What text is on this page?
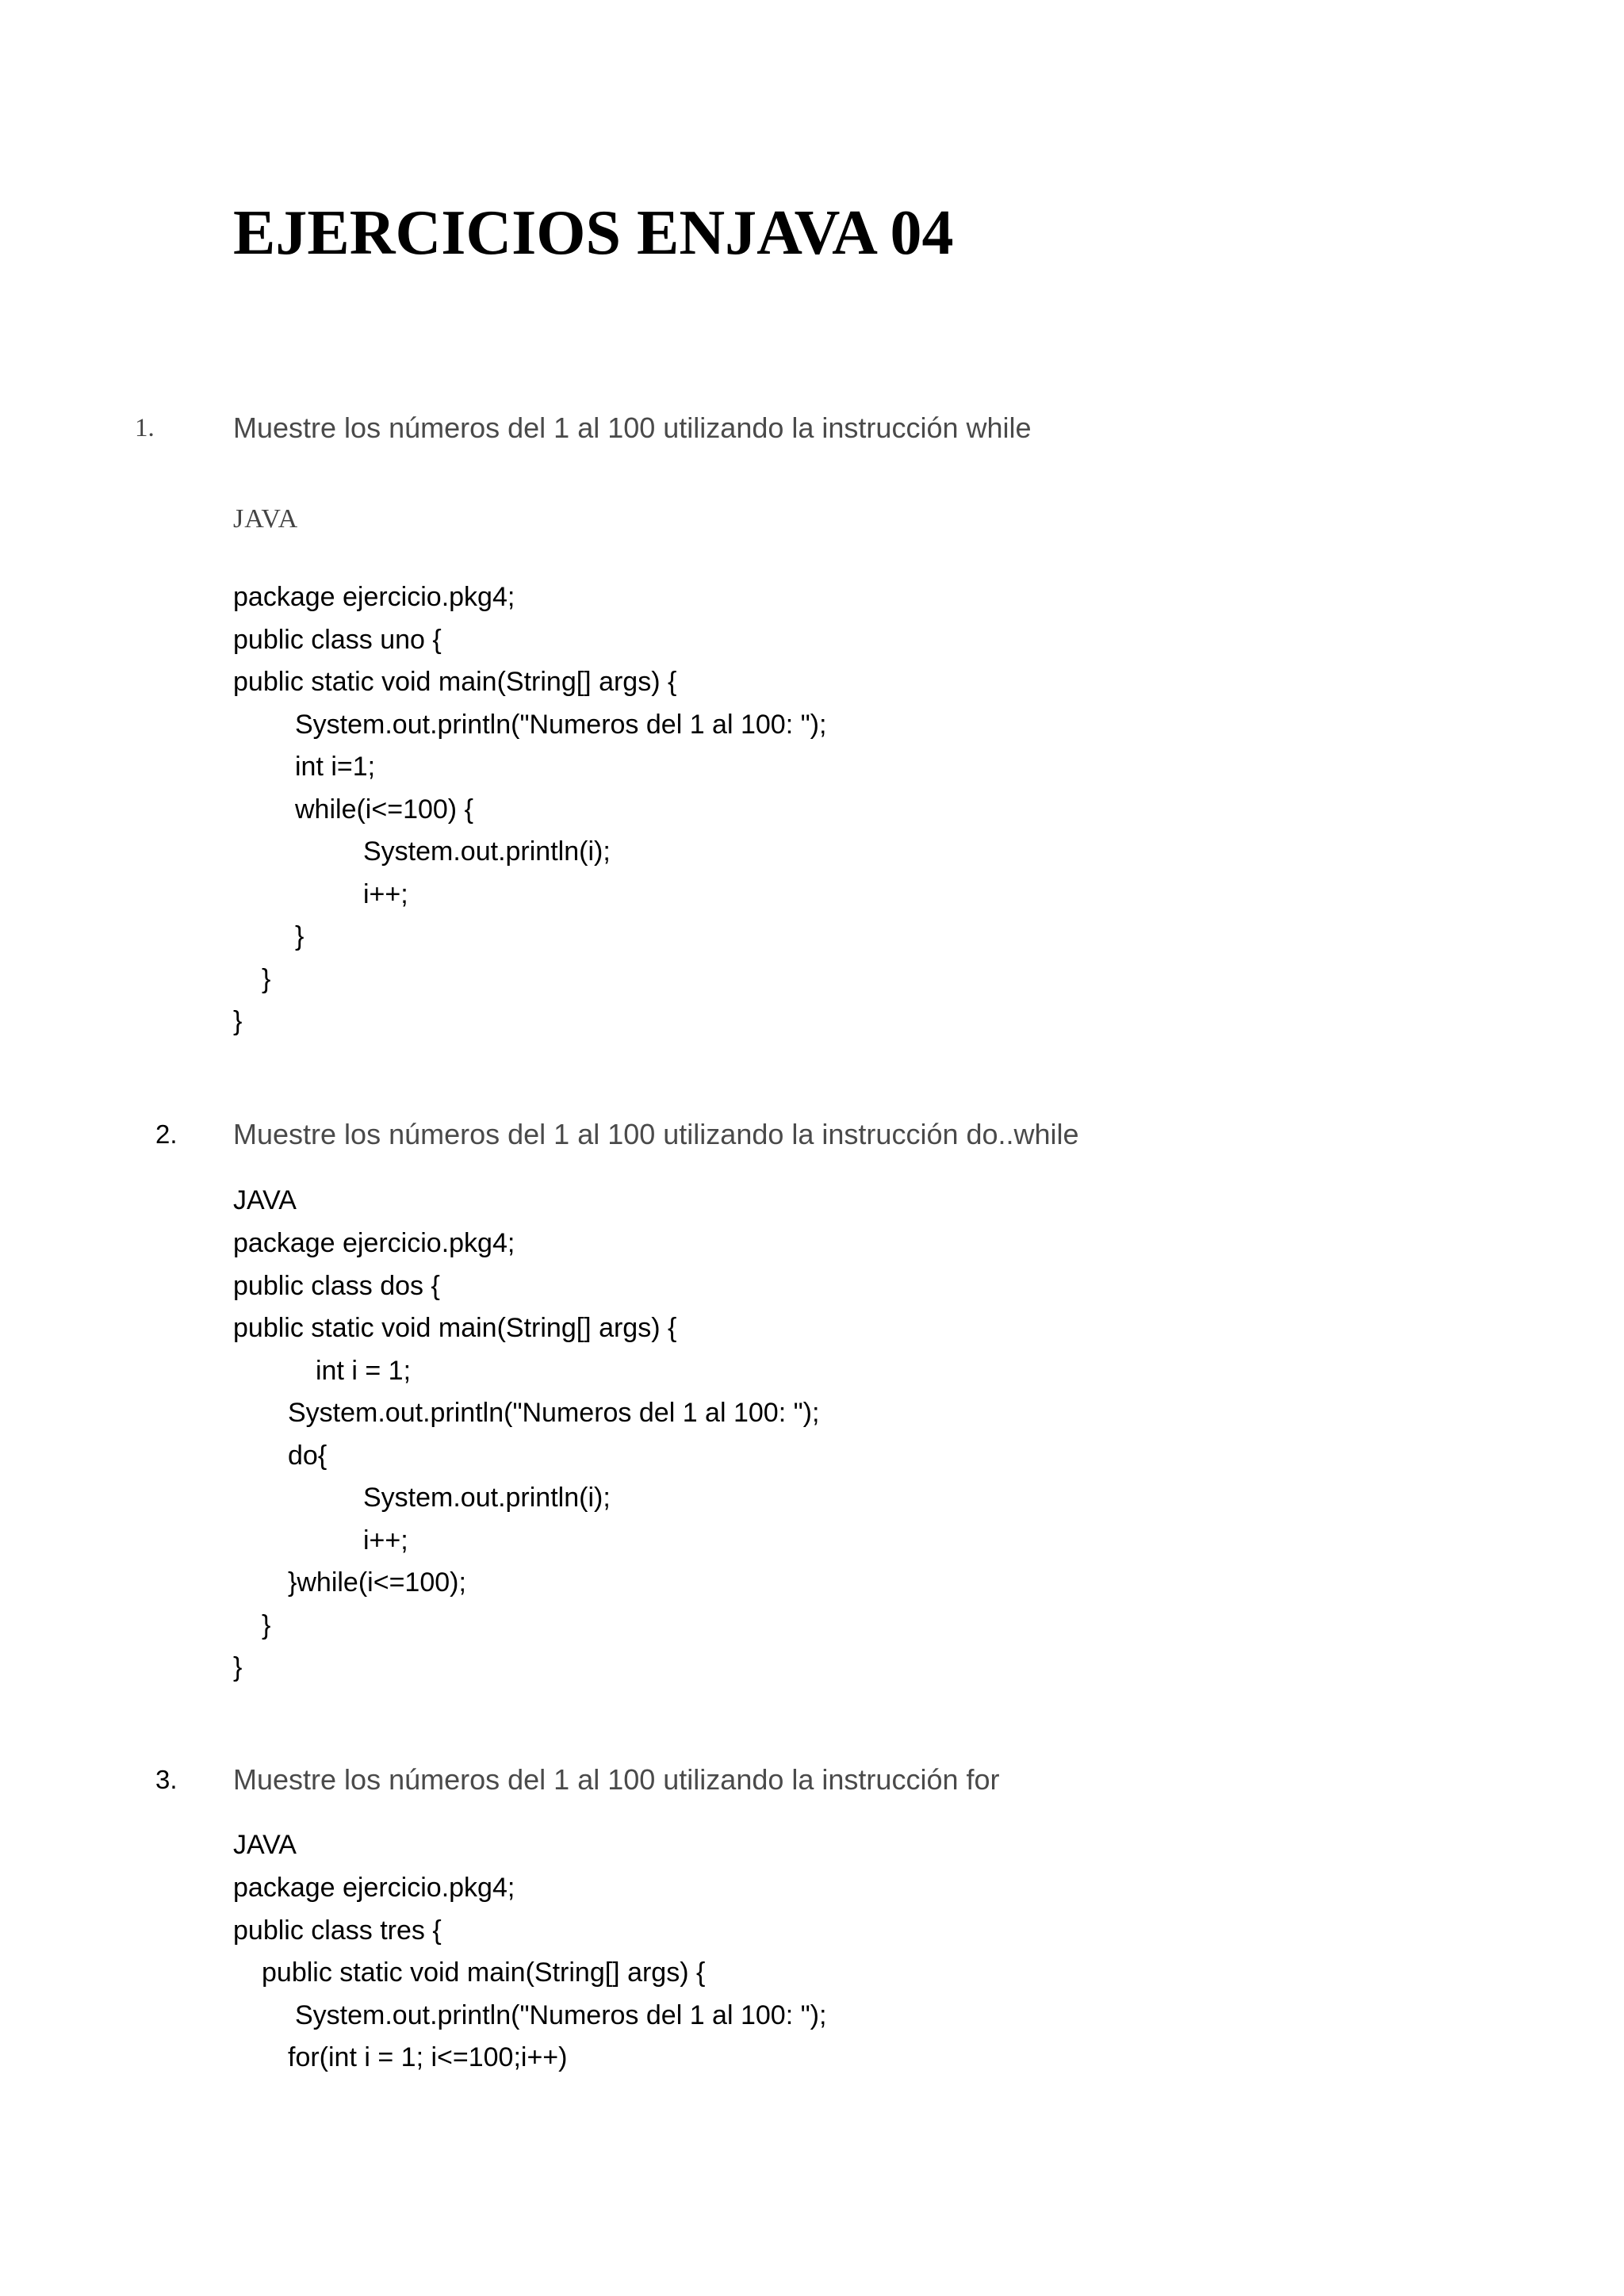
EJERCICIOS ENJAVA 04
1.	Muestre los números del 1 al 100 utilizando la instrucción while
JAVA
package ejercicio.pkg4;
public class uno {
public static void main(String[] args) {
System.out.println("Numeros del 1 al 100: ");
int i=1;
while(i<=100) {
System.out.println(i);
i++;
}
}
}
2. Muestre los números del 1 al 100 utilizando la instrucción do..while
JAVA
package ejercicio.pkg4;
public class dos {
public static void main(String[] args) {
int i = 1;
System.out.println("Numeros del 1 al 100: ");
do{
System.out.println(i);
i++;
}while(i<=100);
}
}
3. Muestre los números del 1 al 100 utilizando la instrucción for
JAVA
package ejercicio.pkg4;
public class tres {
public static void main(String[] args) {
System.out.println("Numeros del 1 al 100: ");
for(int i = 1; i<=100;i++)
